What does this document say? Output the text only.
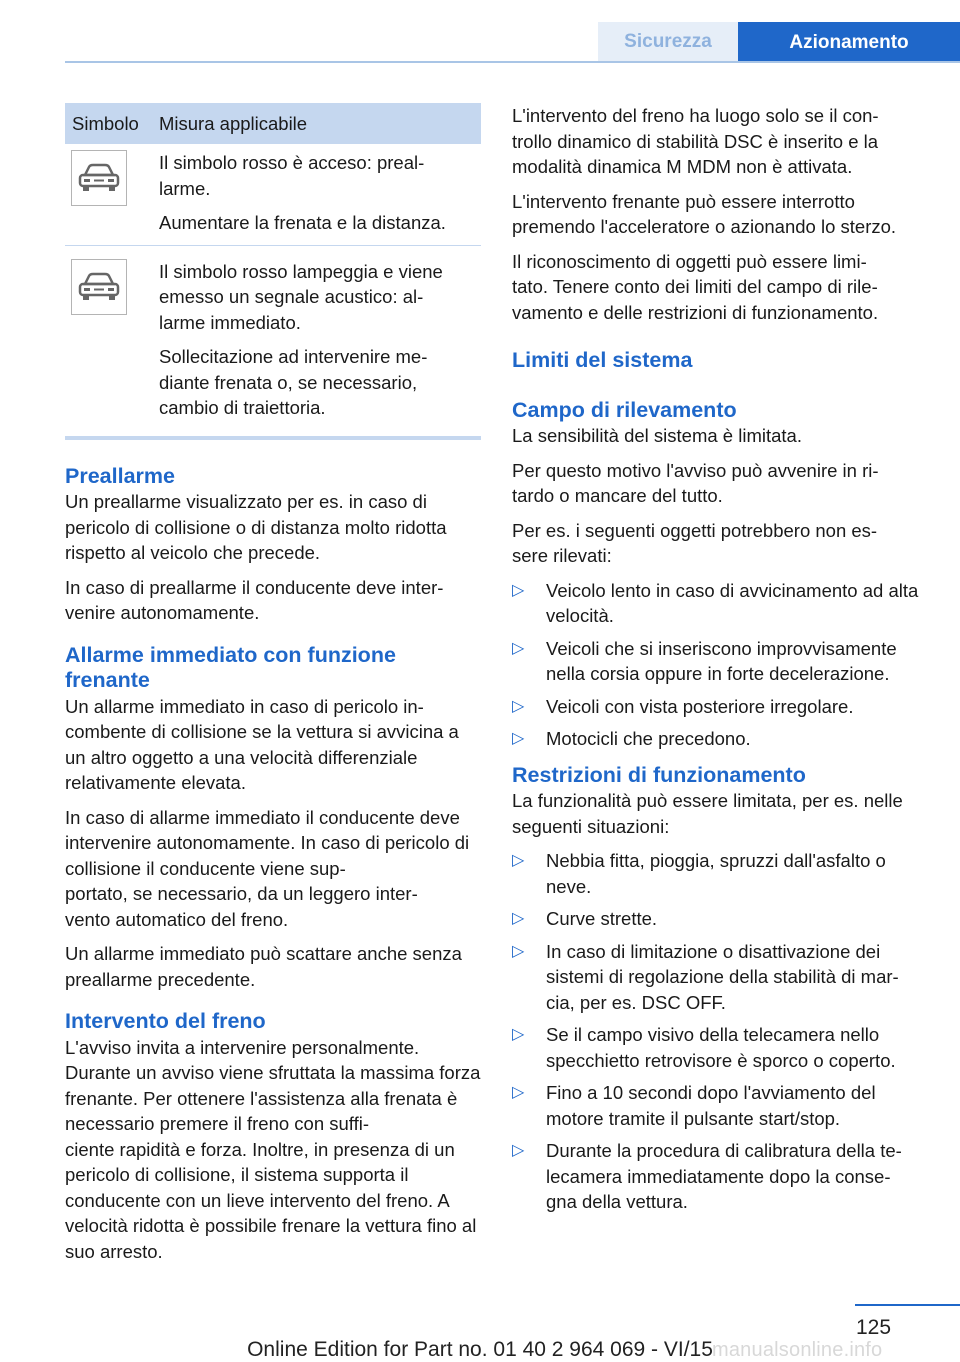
Sicurezza	Azionamento
Simbolo	Misura applicabile

Il simbolo rosso è acceso: preal-
larme.

Aumentare la frenata e la distanza.

Il simbolo rosso lampeggia e viene emesso un segnale acustico: al-
larme immediato.

Sollecitazione ad intervenire me-
diante frenata o, se necessario, cambio di traiettoria.

Preallarme

Un preallarme visualizzato per es. in caso di pericolo di collisione o di distanza molto ridotta rispetto al veicolo che precede.

In caso di preallarme il conducente deve inter-
venire autonomamente.

Allarme immediato con funzione frenante

Un allarme immediato in caso di pericolo in-
combente di collisione se la vettura si avvicina a un altro oggetto a una velocità differenziale relativamente elevata.

In caso di allarme immediato il conducente deve intervenire autonomamente. In caso di pericolo di collisione il conducente viene sup-
portato, se necessario, da un leggero inter-
vento automatico del freno.

Un allarme immediato può scattare anche senza preallarme precedente.

Intervento del freno

L'avviso invita a intervenire personalmente. Durante un avviso viene sfruttata la massima forza frenante. Per ottenere l'assistenza alla frenata è necessario premere il freno con suffi-
ciente rapidità e forza. Inoltre, in presenza di un pericolo di collisione, il sistema supporta il conducente con un lieve intervento del freno. A velocità ridotta è possibile frenare la vettura fino al suo arresto.

L'intervento del freno ha luogo solo se il con-
trollo dinamico di stabilità DSC è inserito e la modalità dinamica M MDM non è attivata.

L'intervento frenante può essere interrotto premendo l'acceleratore o azionando lo sterzo.

Il riconoscimento di oggetti può essere limi-
tato. Tenere conto dei limiti del campo di rile-
vamento e delle restrizioni di funzionamento.

Limiti del sistema
Campo di rilevamento

La sensibilità del sistema è limitata.

Per questo motivo l'avviso può avvenire in ri-
tardo o mancare del tutto.

Per es. i seguenti oggetti potrebbero non es-
sere rilevati:

▷	Veicolo lento in caso di avvicinamento ad alta velocità.
▷	Veicoli che si inseriscono improvvisamente nella corsia oppure in forte decelerazione.
▷	Veicoli con vista posteriore irregolare.
▷	Motocicli che precedono.
Restrizioni di funzionamento

La funzionalità può essere limitata, per es. nelle seguenti situazioni:

▷	Nebbia fitta, pioggia, spruzzi dall'asfalto o neve.
▷	Curve strette.
▷	In caso di limitazione o disattivazione dei sistemi di regolazione della stabilità di mar-
cia, per es. DSC OFF.
▷	Se il campo visivo della telecamera nello specchietto retrovisore è sporco o coperto.
▷	Fino a 10 secondi dopo l'avviamento del motore tramite il pulsante start/stop.
▷	Durante la procedura di calibratura della te-
lecamera immediatamente dopo la conse-
gna della vettura.
125
Online Edition for Part no. 01 40 2 964 069 - VI/15 manualsonline.info
